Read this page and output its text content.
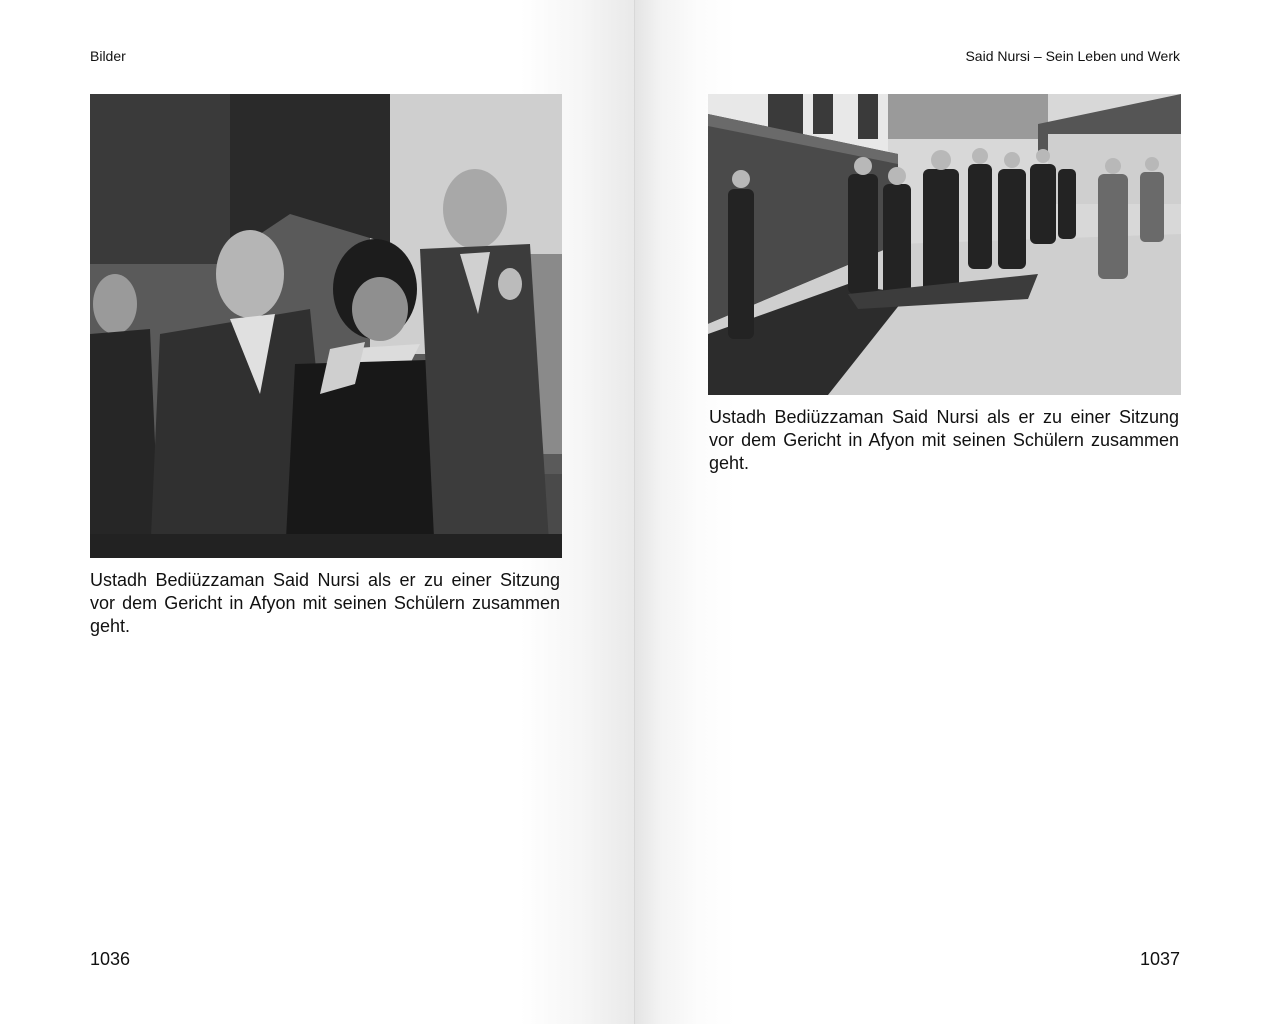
Bilder
Ustadh Bediüzzaman Said Nursi als er zu einer Sitzung vor dem Gericht in Afyon mit seinen Schülern zusammen geht.
1036
Said Nursi – Sein Leben und Werk
Ustadh Bediüzzaman Said Nursi als er zu einer Sitzung vor dem Gericht in Afyon mit seinen Schülern zusammen geht.
1037
